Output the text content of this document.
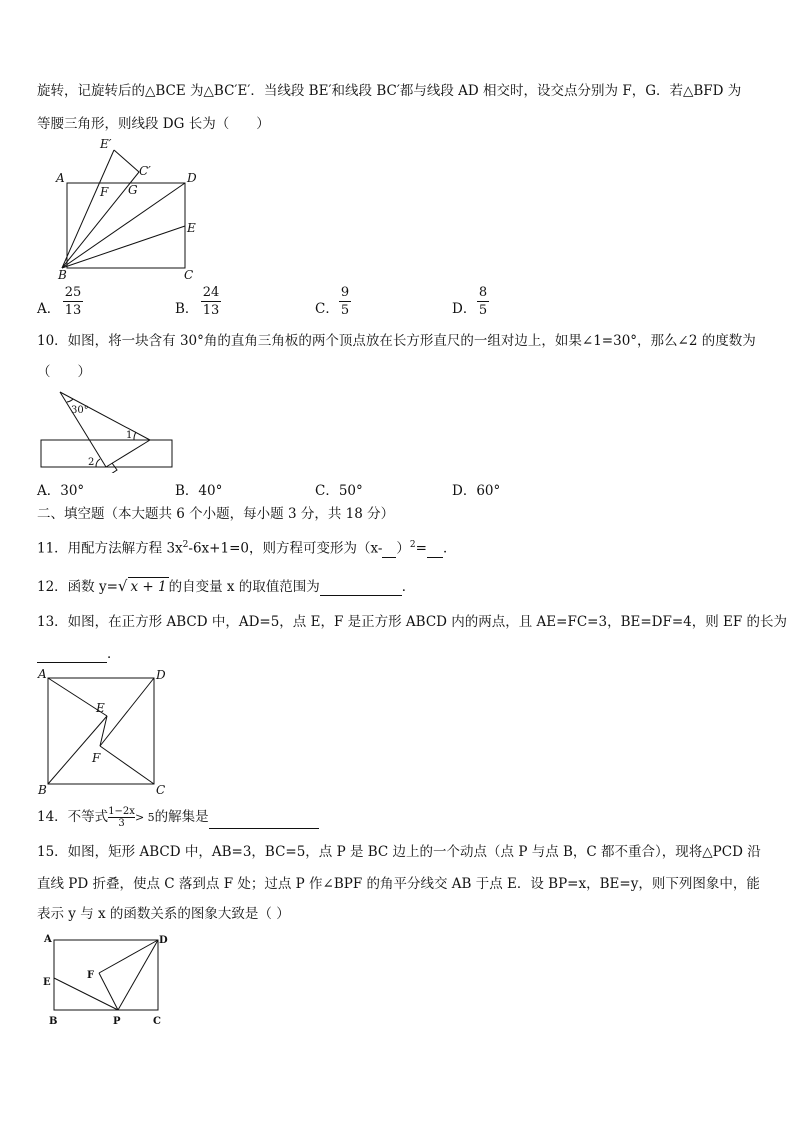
旋转，记旋转后的△BCE 为△BC′E′．当线段 BE′和线段 BC′都与线段 AD 相交时，设交点分别为 F，G．若△BFD 为
等腰三角形，则线段 DG 长为（　　）
A	D
E
B	C
E′
C′
F G
A．
25
13	B．
24
13	C．
9
5	D．
8
5
10．如图，将一块含有 30°角的直角三角板的两个顶点放在长方形直尺的一组对边上，如果∠1=30°，那么∠2 的度数为
（　　）
30°
1
2
A．30°	B．40°	C．50°	D．60°
二、填空题（本大题共 6 个小题，每小题 3 分，共 18 分）
11．用配方法解方程 $3x^2-6x+1=0$，则方程可变形为（x- ）$^2$= ．
12．函数 y=√ x + 1 的自变量 x 的取值范围为	．
13．如图，在正方形 ABCD 中，AD=5，点 E，F 是正方形 ABCD 内的两点，且 AE=FC=3，BE=DF=4，则 EF 的长为
．
A	D
B	C
E
F
14．不等式 $\frac{1-2x}{3} > 5$的解集是
15．如图，矩形 ABCD 中，AB=3，BC=5，点 P 是 BC 边上的一个动点（点 P 与点 B，C 都不重合），现将△PCD 沿
直线 PD 折叠，使点 C 落到点 F 处；过点 P 作∠BPF 的角平分线交 AB 于点 E．设 BP=x，BE=y，则下列图象中，能
表示 y 与 x 的函数关系的图象大致是（ ）
A	D
E
F
B	P	C
